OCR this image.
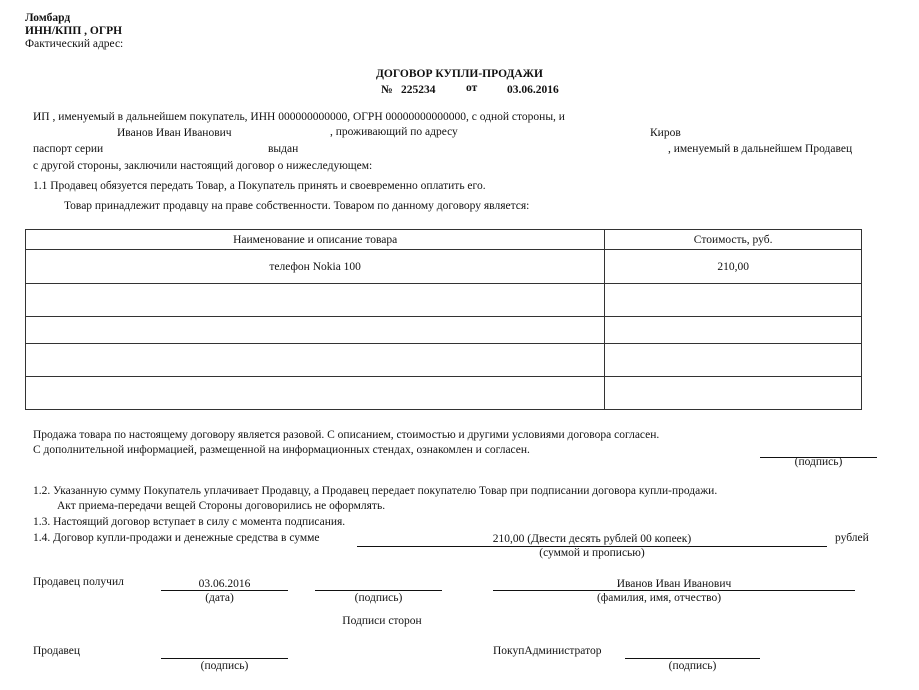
Ломбард
ИНН/КПП , ОГРН
Фактический адрес:
ДОГОВОР КУПЛИ-ПРОДАЖИ
№ 225234	от	03.06.2016
ИП , именуемый в дальнейшем покупатель, ИНН 000000000000, ОГРН 00000000000000, с одной стороны, и
Иванов Иван Иванович	, проживающий по адресу	Киров
паспорт серии	выдан	, именуемый в дальнейшем Продавец
с другой стороны, заключили настоящий договор о нижеследующем:
1.1 Продавец обязуется передать Товар, а Покупатель принять и своевременно оплатить его.
Товар принадлежит продавцу на праве собственности. Товаром по данному договору является:
Наименование и описание товара	Стоимость, руб.
телефон Nokia 100	210,00

Продажа товара по настоящему договору является разовой. С описанием, стоимостью и другими условиями договора согласен.
С дополнительной информацией, размещенной на информационных стендах, ознакомлен и согласен.
(подпись)
1.2. Указанную сумму Покупатель уплачивает Продавцу, а Продавец передает покупателю Товар при подписании договора купли-продажи.
Акт приема-передачи вещей Стороны договорились не оформлять.
1.3. Настоящий договор вступает в силу с момента подписания.
1.4. Договор купли-продажи и денежные средства в сумме	210,00 (Двести десять рублей 00 копеек)	рублей
(суммой и прописью)
Продавец получил	03.06.2016
(дата)	(подпись)
Иванов Иван Иванович
(фамилия, имя, отчество)
Подписи сторон
Продавец
(подпись)
ПокупАдминистратор
(подпись)
